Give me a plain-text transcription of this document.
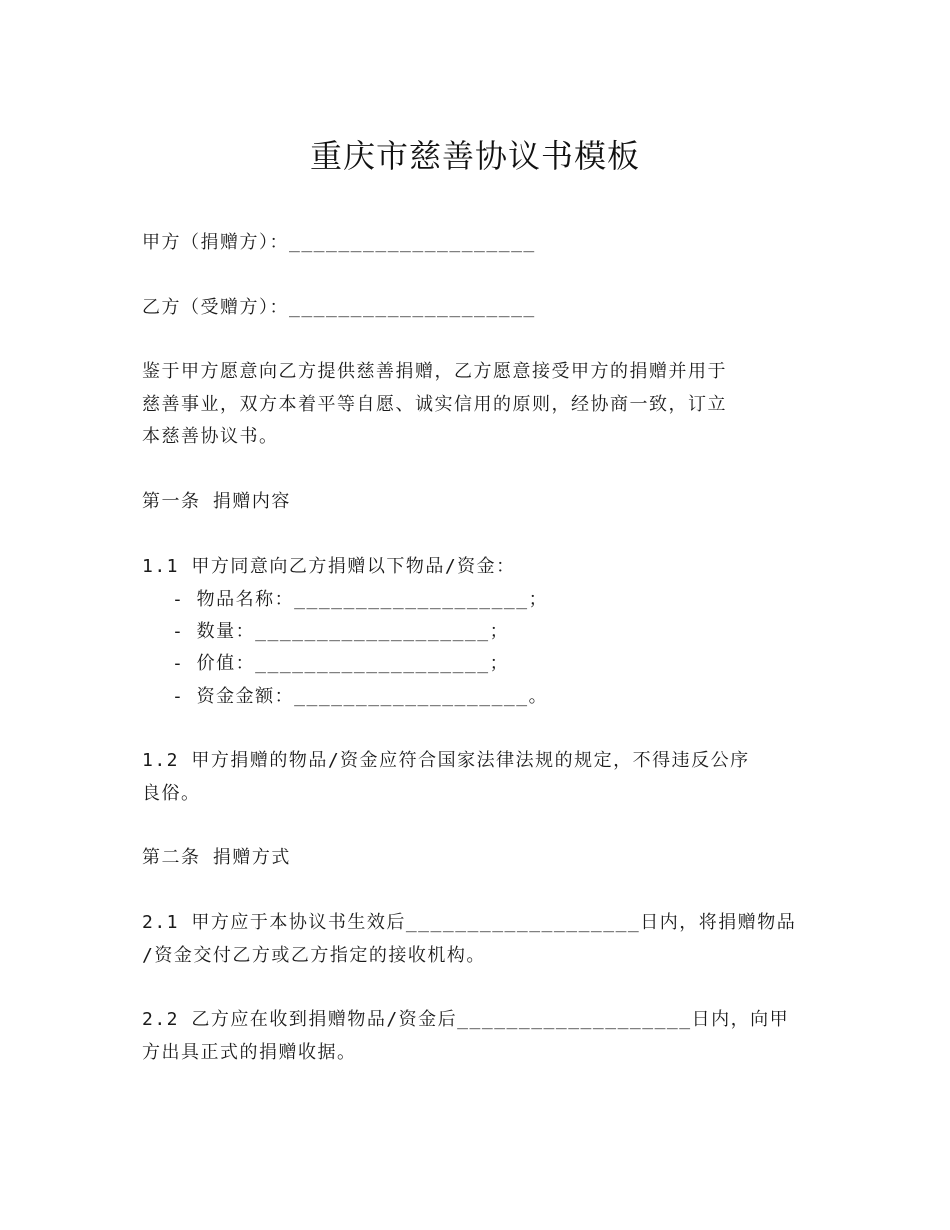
重庆市慈善协议书模板
甲方（捐赠方）：____________________
乙方（受赠方）：____________________
鉴于甲方愿意向乙方提供慈善捐赠，乙方愿意接受甲方的捐赠并用于
慈善事业，双方本着平等自愿、诚实信用的原则，经协商一致，订立
本慈善协议书。
第一条 捐赠内容
1.1 甲方同意向乙方捐赠以下物品/资金：
- 物品名称：___________________；
- 数量：___________________；
- 价值：___________________；
- 资金金额：___________________。
1.2 甲方捐赠的物品/资金应符合国家法律法规的规定，不得违反公序
良俗。
第二条 捐赠方式
2.1 甲方应于本协议书生效后___________________日内，将捐赠物品
/资金交付乙方或乙方指定的接收机构。
2.2 乙方应在收到捐赠物品/资金后___________________日内，向甲
方出具正式的捐赠收据。
